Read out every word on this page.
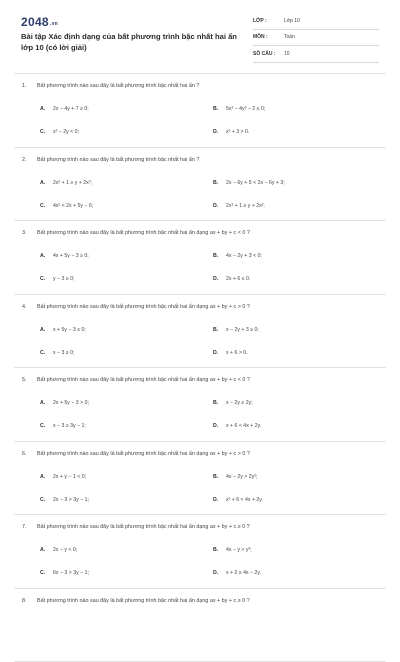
2048.vn
Bài tập Xác định dạng của bất phương trình bậc nhất hai ẩn lớp 10 (có lời giải)
LỚP :	Lớp 10
MÔN :	Toán
SỐ CÂU :	10
1. Bất phương trình nào sau đây là bất phương trình bậc nhất hai ẩn ?
A. 2x − 4y + 7 ≥ 0;	B. 5x³ − 4y³ − 2 ≤ 0;
C. x³ − 2y < 0;	D. x² + 3 > 0.
2. Bất phương trình nào sau đây là bất phương trình bậc nhất hai ẩn ?
A. 2x² + 1 ≥ y + 2x²;	B. 2x − 6y + 5 < 2x − 6y + 3;
C. 4x² < 2x + 5y − 6;	D. 2x³ + 1 ≥ y + 2x².
3. Bất phương trình nào sau đây là bất phương trình bậc nhất hai ẩn dạng ax + by + c < 0 ?
A. 4x + 5y − 3 ≥ 0;	B. 4x − 2y + 3 < 0;
C. y − 3 ≥ 0;	D. 2x + 6 ≤ 0.
4. Bất phương trình nào sau đây là bất phương trình bậc nhất hai ẩn dạng ax + by + c > 0 ?
A. x + 5y − 3 ≤ 0;	B. x − 2y + 3 ≥ 0;
C. x − 3 ≥ 0;	D. x + 6 > 0.
5. Bất phương trình nào sau đây là bất phương trình bậc nhất hai ẩn dạng ax + by + c < 0 ?
A. 2x + 5y − 3 > 0;	B. x − 2y ≥ 2y;
C. x − 3 ≥ 3y − 1;	D. x + 6 < 4x + 2y.
6. Bất phương trình nào sau đây là bất phương trình bậc nhất hai ẩn dạng ax + by + c > 0 ?
A. 2x + y − 1 < 0;	B. 4x − 2y > 2y²;
C. 2x − 3 > 3y − 1;	D. x² + 6 < 4x + 2y.
7. Bất phương trình nào sau đây là bất phương trình bậc nhất hai ẩn dạng ax + by + c ≥ 0 ?
A. 2x − y < 0;	B. 4x − y > y³;
C. 6x − 3 > 3y − 1;	D. x + 2 ≥ 4x − 2y.
8. Bất phương trình nào sau đây là bất phương trình bậc nhất hai ẩn dạng ax + by + c ≥ 0 ?
